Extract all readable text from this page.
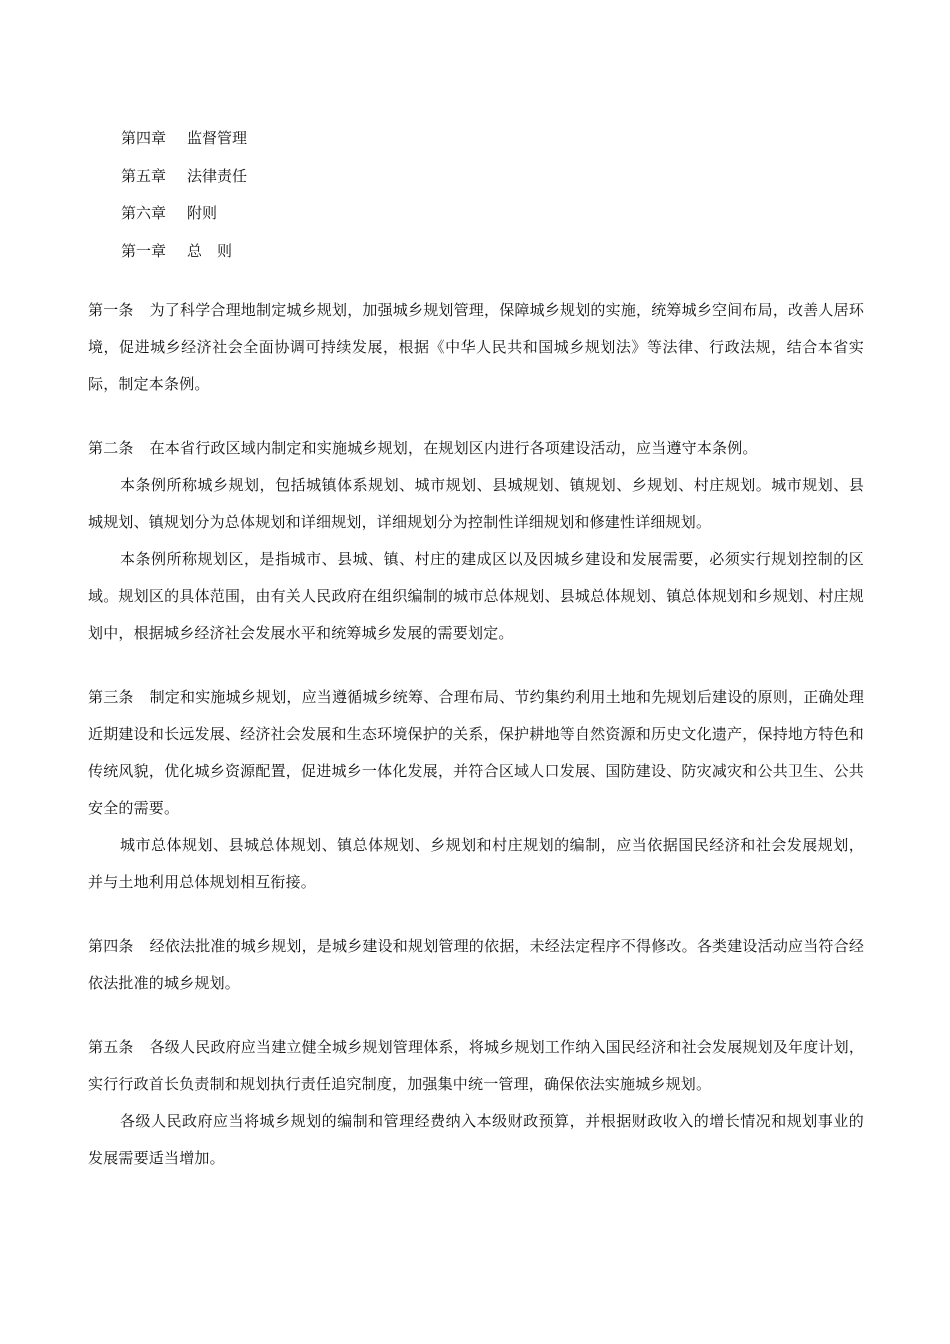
第四章 监督管理
第五章 法律责任
第六章 附则
第一章 总　则

第一条 为了科学合理地制定城乡规划，加强城乡规划管理，保障城乡规划的实施，统筹城乡空间布局，改善人居环境，促进城乡经济社会全面协调可持续发展，根据《中华人民共和国城乡规划法》等法律、行政法规，结合本省实际，制定本条例。

第二条 在本省行政区域内制定和实施城乡规划，在规划区内进行各项建设活动，应当遵守本条例。

本条例所称城乡规划，包括城镇体系规划、城市规划、县城规划、镇规划、乡规划、村庄规划。城市规划、县城规划、镇规划分为总体规划和详细规划，详细规划分为控制性详细规划和修建性详细规划。

本条例所称规划区，是指城市、县城、镇、村庄的建成区以及因城乡建设和发展需要，必须实行规划控制的区域。规划区的具体范围，由有关人民政府在组织编制的城市总体规划、县城总体规划、镇总体规划和乡规划、村庄规划中，根据城乡经济社会发展水平和统筹城乡发展的需要划定。

第三条 制定和实施城乡规划，应当遵循城乡统筹、合理布局、节约集约利用土地和先规划后建设的原则，正确处理近期建设和长远发展、经济社会发展和生态环境保护的关系，保护耕地等自然资源和历史文化遗产，保持地方特色和传统风貌，优化城乡资源配置，促进城乡一体化发展，并符合区域人口发展、国防建设、防灾减灾和公共卫生、公共安全的需要。

城市总体规划、县城总体规划、镇总体规划、乡规划和村庄规划的编制，应当依据国民经济和社会发展规划，并与土地利用总体规划相互衔接。

第四条 经依法批准的城乡规划，是城乡建设和规划管理的依据，未经法定程序不得修改。各类建设活动应当符合经依法批准的城乡规划。

第五条 各级人民政府应当建立健全城乡规划管理体系，将城乡规划工作纳入国民经济和社会发展规划及年度计划，实行行政首长负责制和规划执行责任追究制度，加强集中统一管理，确保依法实施城乡规划。

各级人民政府应当将城乡规划的编制和管理经费纳入本级财政预算，并根据财政收入的增长情况和规划事业的发展需要适当增加。
